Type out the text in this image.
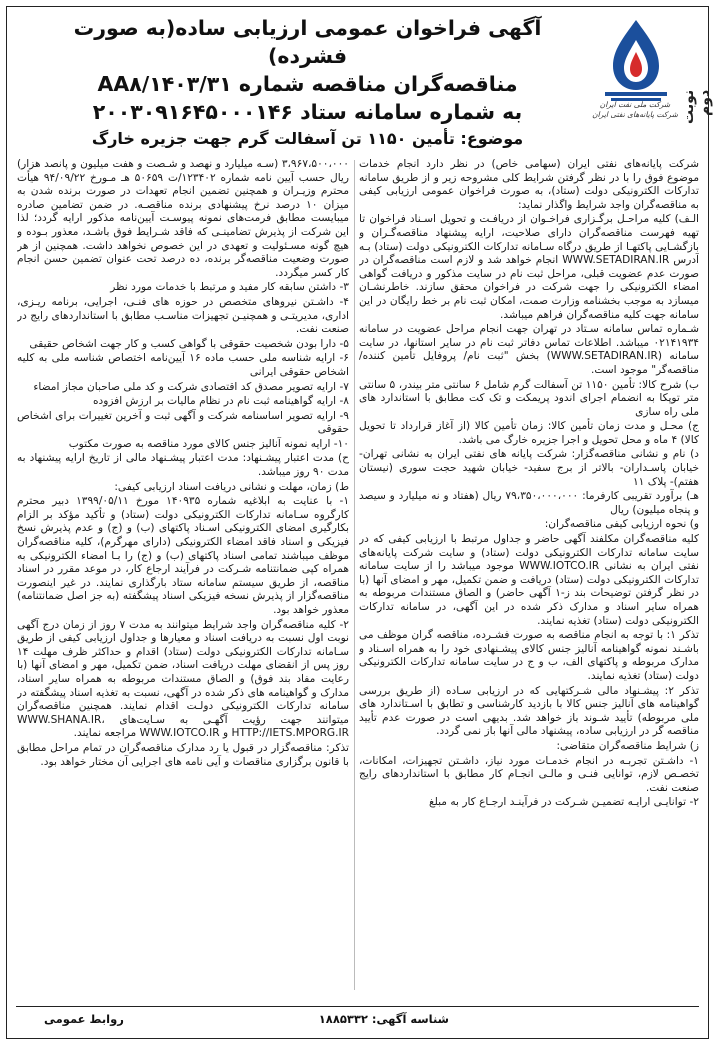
نوبت دوم
شرکت ملی نفت ایران
شرکت پایانه‌های نفتی ایران
آگهی فراخوان عمومی ارزیابی ساده(به صورت فشرده)
مناقصه‌گران مناقصه شماره ۱۴۰۳/۳۱/AA۸
به شماره سامانه ستاد ۲۰۰۳۰۹۱۶۴۵۰۰۰۱۴۶
موضوع: تأمین ۱۱۵۰ تن آسفالت گرم جهت جزیره خارگ

شرکت پایانه‌های نفتی ایران (سهامی خاص) در نظر دارد انجام خدمات موضوع فوق را با در نظر گرفتن شرایط کلی مشروحه زیر و از طریق سامانه تدارکات الکترونیکی دولت (ستاد)، به صورت فراخوان عمومی ارزیابی کیفی به مناقصه‌گران واجد شرایط واگذار نماید:

الـف) کلیه مراحـل برگـزاری فراخـوان از دریافـت و تحویل اسـناد فراخوان تا تهیه فهرست مناقصه‌گران دارای صلاحیت، ارایه پیشنهاد مناقصه‌گـران و بازگشـایی پاکتهـا از طریق درگاه سـامانه تدارکات الکترونیکی دولت (ستاد) بـه آدرس WWW.SETADIRAN.IR انجام خواهد شد و لازم است مناقصه‌گران در صورت عدم عضویت قبلی، مراحل ثبت نام در سایت مذکور و دریافت گواهی امضاء الکترونیکی را جهت شرکت در فراخوان محقق سازند. خاطرنشـان میسازد به موجب بخشنامه وزارت صمت، امکان ثبت نام بر خط رایگان در این سامانه جهت کلیه مناقصه‌گران فراهم میباشد.

شـماره تماس سامانه سـتاد در تهران جهت انجام مراحل عضویت در سامانه ۰۲۱۴۱۹۳۴ میباشد. اطلاعات تماس دفاتر ثبت نام در سایر استانها، در سایت سامانه (WWW.SETADIRAN.IR) بخش "ثبت نام/ پروفایل تأمین کننده/ مناقصه‌گر" موجود است.

ب) شرح کالا: تأمین ۱۱۵۰ تن آسفالت گرم شامل ۶ سانتی متر بیندر، ۵ سانتی متر توپکا به انضمام اجرای اندود پریمکت و تک کت مطابق با استاندارد های ملی راه سازی

ج) محـل و مدت زمان تأمین کالا: زمان تأمین کالا (از آغاز قرارداد تا تحویل کالا) ۴ ماه و محل تحویل و اجرا جزیره خارگ می باشد.

د) نام و نشانی مناقصه‌گزار: شرکت پایانه های نفتی ایران به نشانی تهران- خیابان پاسـداران- بالاتر از برج سفید- خیابان شهید حجت سوری (نیستان هفتم)- پلاک ۱۱

هـ) برآورد تقریبی کارفرما: ۷۹،۳۵۰،۰۰۰،۰۰۰ ریال (هفتاد و نه میلیارد و سیصد و پنجاه میلیون) ریال

و) نحوه ارزیابی کیفی مناقصه‌گران:

کلیه مناقصه‌گران مکلفند آگهی حاضر و جداول مرتبط با ارزیابی کیفی که در سایت سامانه تدارکات الکترونیکی دولت (ستاد) و سایت شرکت پایانه‌های نفتی ایران به نشانی WWW.IOTCO.IR موجود میباشد را از سایت سامانه تدارکات الکترونیکی دولت (ستاد) دریافت و ضمن تکمیل، مهر و امضای آنها (با در نظر گرفتن توضیحات بند ز-۱ آگهی حاضر) و الصاق مستندات مربوطه به همراه سایر اسناد و مدارک ذکر شده در این آگهی، در سامانه تدارکات الکترونیکی دولت (ستاد) تغذیه نمایند.

تذکر ۱: با توجه به انجام مناقصه به صورت فشـرده، مناقصه گران موظف می باشـند نمونه گواهینامه آنالیز جنس کالای پیشـنهادی خود را به همراه اسـناد و مدارک مربوطه و پاکتهای الف، ب و ج در سایت سامانه تدارکات الکترونیکی دولت (ستاد) تغذیه نمایند.

تذکر ۲: پیشـنهاد مالی شـرکتهایی که در ارزیابی سـاده (از طریق بررسی گواهینامه های آنالیز جنس کالا با بازدید کارشناسی و تطابق با اسـتاندارد های ملی مربوطه) تأیید شـوند باز خواهد شد. بدیهی است در صورت عدم تأیید مناقصه گر در ارزیابی ساده، پیشنهاد مالی آنها باز نمی گردد.

ز) شرایط مناقصه‌گران متقاضی:

۱- داشـتن تجربـه در انجام خدمـات مورد نیاز، داشـتن تجهیزات، امکانات، تخصـص لازم، توانایی فنـی و مالـی انجـام کار مطابق با استانداردهای رایج صنعت نفت.

۲- توانایـی ارایـه تضمیـن شـرکت در فرآینـد ارجـاع کار به مبلغ

۳،۹۶۷،۵۰۰،۰۰۰ (سـه میلیارد و نهصد و شـصت و هفت میلیون و پانصد هزار) ریال حسب آیین نامه شماره ۱۲۳۴۰۲/ت ۵۰۶۵۹ هـ مـورخ ۹۴/۰۹/۲۲ هیأت محترم وزیـران و همچنین تضمین انجام تعهدات در صورت برنده شدن به میزان ۱۰ درصد نرخ پیشنهادی برنده مناقصـه. در ضمن تضامین صادره میبایست مطابق فرمت‌های نمونه پیوسـت آیین‌نامه مذکور ارایه گردد؛ لذا این شرکت از پذیرش تضامینـی که فاقد شـرایط فوق باشـد، معذور بـوده و هیچ گونه مسـئولیت و تعهدی در این خصوص نخواهد داشت. همچنین از هر صورت وضعیت مناقصه‌گر برنده، ده درصد تحت عنوان تضمین حسن انجام کار کسر میگردد.

۳- داشتن سابقه کار مفید و مرتبط با خدمات مورد نظر

۴- داشـتن نیروهای متخصص در حوزه های فنـی، اجرایی، برنامه ریـزی، اداری، مدیریتـی و همچنیـن تجهیزات مناسـب مطابق با استانداردهای رایج در صنعت نفت.

۵- دارا بودن شخصیت حقوقی با گواهی کسب و کار جهت اشخاص حقیقی

۶- ارایه شناسه ملی حسب ماده ۱۶ آیین‌نامه اختصاص شناسه ملی به کلیه اشخاص حقوقی ایرانی

۷- ارایه تصویر مصدق کد اقتصادی شرکت و کد ملی صاحبان مجاز امضاء

۸- ارایه گواهینامه ثبت نام در نظام مالیات بر ارزش افزوده

۹- ارایه تصویر اساسنامه شرکت و آگهی ثبت و آخرین تغییرات برای اشخاص حقوقی

۱۰- ارایه نمونه آنالیز جنس کالای مورد مناقصه به صورت مکتوب

ح) مدت اعتبار پیشـنهاد: مدت اعتبار پیشـنهاد مالی از تاریخ ارایه پیشنهاد به مدت ۹۰ روز میباشد.

ط) زمان، مهلت و نشانی دریافت اسناد ارزیابی کیفی:

۱- با عنایت به ابلاغیه شماره ۱۴۰۹۳۵ مورخ ۱۳۹۹/۰۵/۱۱ دبیر محترم کارگروه سـامانه تدارکات الکترونیکی دولت (ستاد) و تأکید مؤکد بر الزام بکارگیری امضای الکترونیکی اسـناد پاکتهای (ب) و (ج) و عدم پذیرش نسخ فیزیکی و اسناد فاقد امضاء الکترونیکی (دارای مهرگرم)، کلیه مناقصه‌گران موظف میباشند تمامی اسناد پاکتهای (ب) و (ج) را بـا امضاء الکترونیکی به همراه کپی ضمانتنامه شـرکت در فرآیند ارجاع کار، در موعد مقرر در اسناد مناقصه، از طریق سیستم سامانه ستاد بارگذاری نمایند. در غیر اینصورت مناقصه‌گزار از پذیرش نسخه فیزیکی اسناد پیشگفته (به جز اصل ضمانتنامه) معذور خواهد بود.

۲- کلیه مناقصه‌گران واجد شرایط میتوانند به مدت ۷ روز از زمان درج آگهی نوبت اول نسبت به دریافت اسناد و معیارها و جداول ارزیابی کیفی از طریق سـامانه تدارکات الکترونیکی دولت (ستاد) اقدام و حداکثر ظرف مهلت ۱۴ روز پس از انقضای مهلت دریافت اسناد، ضمن تکمیل، مهر و امضای آنها (با رعایت مفاد بند فوق) و الصاق مستندات مربوطه به همراه سایر اسناد، مدارک و گواهینامه های ذکر شده در آگهی، نسبت به تغذیه اسناد پیشگفته در سامانه تدارکات الکترونیکی دولـت اقدام نمایند. همچنین مناقصه‌گران میتوانند جهت رؤیت آگهـی به سـایت‌های WWW.SHANA.IR، HTTP://IETS.MPORG.IR و WWW.IOTCO.IR مراجعه نمایند.

تذکر: مناقصه‌گزار در قبول یا رد مدارک مناقصه‌گران در تمام مراحل مطابق با قانون برگزاری مناقصات و آیی نامه های اجرایی آن مختار خواهد بود.

شناسه آگهی: ۱۸۸۵۳۳۲
روابط عمومی
